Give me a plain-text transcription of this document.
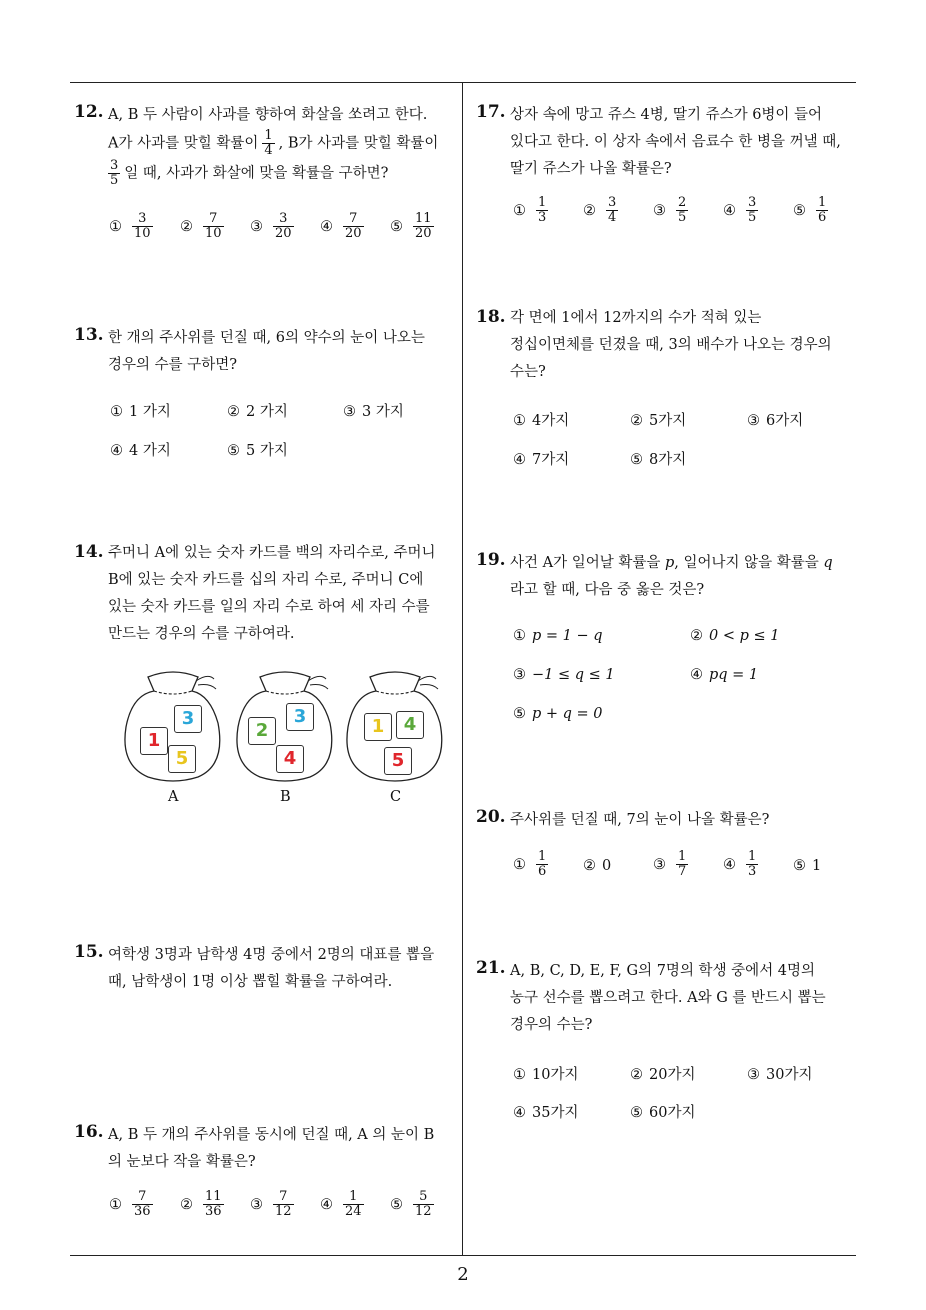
12. A, B 두 사람이 사과를 향하여 화살을 쏘려고 한다.
A가 사과를 맞힐 확률이 $\frac{1}{4}$ , B가 사과를 맞힐 확률이
$\frac{3}{5}$ 일 때, 사과가 화살에 맞을 확률을 구하면?
13. 한 개의 주사위를 던질 때, 6의 약수의 눈이 나오는
경우의 수를 구하면?
14. 주머니 A에 있는 숫자 카드를 백의 자리수로, 주머니
B에 있는 숫자 카드를 십의 자리 수로, 주머니 C에
있는 숫자 카드를 일의 자리 수로 하여 세 자리 수를
만드는 경우의 수를 구하여라.
1
3
5
A
2
3
4
B
1	4
5
C
15. 여학생 3명과 남학생 4명 중에서 2명의 대표를 뽑을
때, 남학생이 1명 이상 뽑힐 확률을 구하여라.
16. A, B 두 개의 주사위를 동시에 던질 때, A 의 눈이 B
의 눈보다 작을 확률은?
17. 상자 속에 망고 쥬스 4병, 딸기 쥬스가 6병이 들어
있다고 한다. 이 상자 속에서 음료수 한 병을 꺼낼 때,
딸기 쥬스가 나올 확률은?
18. 각 면에 1에서 12까지의 수가 적혀 있는
정십이면체를 던졌을 때, 3의 배수가 나오는 경우의
수는?
19. 사건 A가 일어날 확률을 p, 일어나지 않을 확률을 q
라고 할 때, 다음 중 옳은 것은?
20. 주사위를 던질 때, 7의 눈이 나올 확률은?
21. A, B, C, D, E, F, G의 7명의 학생 중에서 4명의
농구 선수를 뽑으려고 한다. A와 G 를 반드시 뽑는
경우의 수는?
① $\frac{3}{10}$ ② $\frac{7}{10}$ ③ $\frac{3}{20}$ ④ $\frac{7}{20}$ ⑤ $\frac{11}{20}$
① 1 가지	② 2 가지	③ 3 가지
④ 4 가지	⑤ 5 가지
① $\frac{7}{36}$ ② $\frac{11}{36}$ ③ $\frac{7}{12}$ ④ $\frac{1}{24}$ ⑤ $\frac{5}{12}$
① $\frac{1}{3}$ ② $\frac{3}{4}$ ③ $\frac{2}{5}$ ④ $\frac{3}{5}$ ⑤ $\frac{1}{6}$
① 4가지	② 5가지	③ 6가지
④ 7가지	⑤ 8가지
① p = 1 − q	② 0 < p ≤ 1
③ −1 ≤ q ≤ 1	④ pq = 1
⑤ p + q = 0
① $\frac{1}{6}$ ② 0	③ $\frac{1}{7}$ ④ $\frac{1}{3}$ ⑤ 1
① 10가지	② 20가지	③ 30가지
④ 35가지	⑤ 60가지
2
